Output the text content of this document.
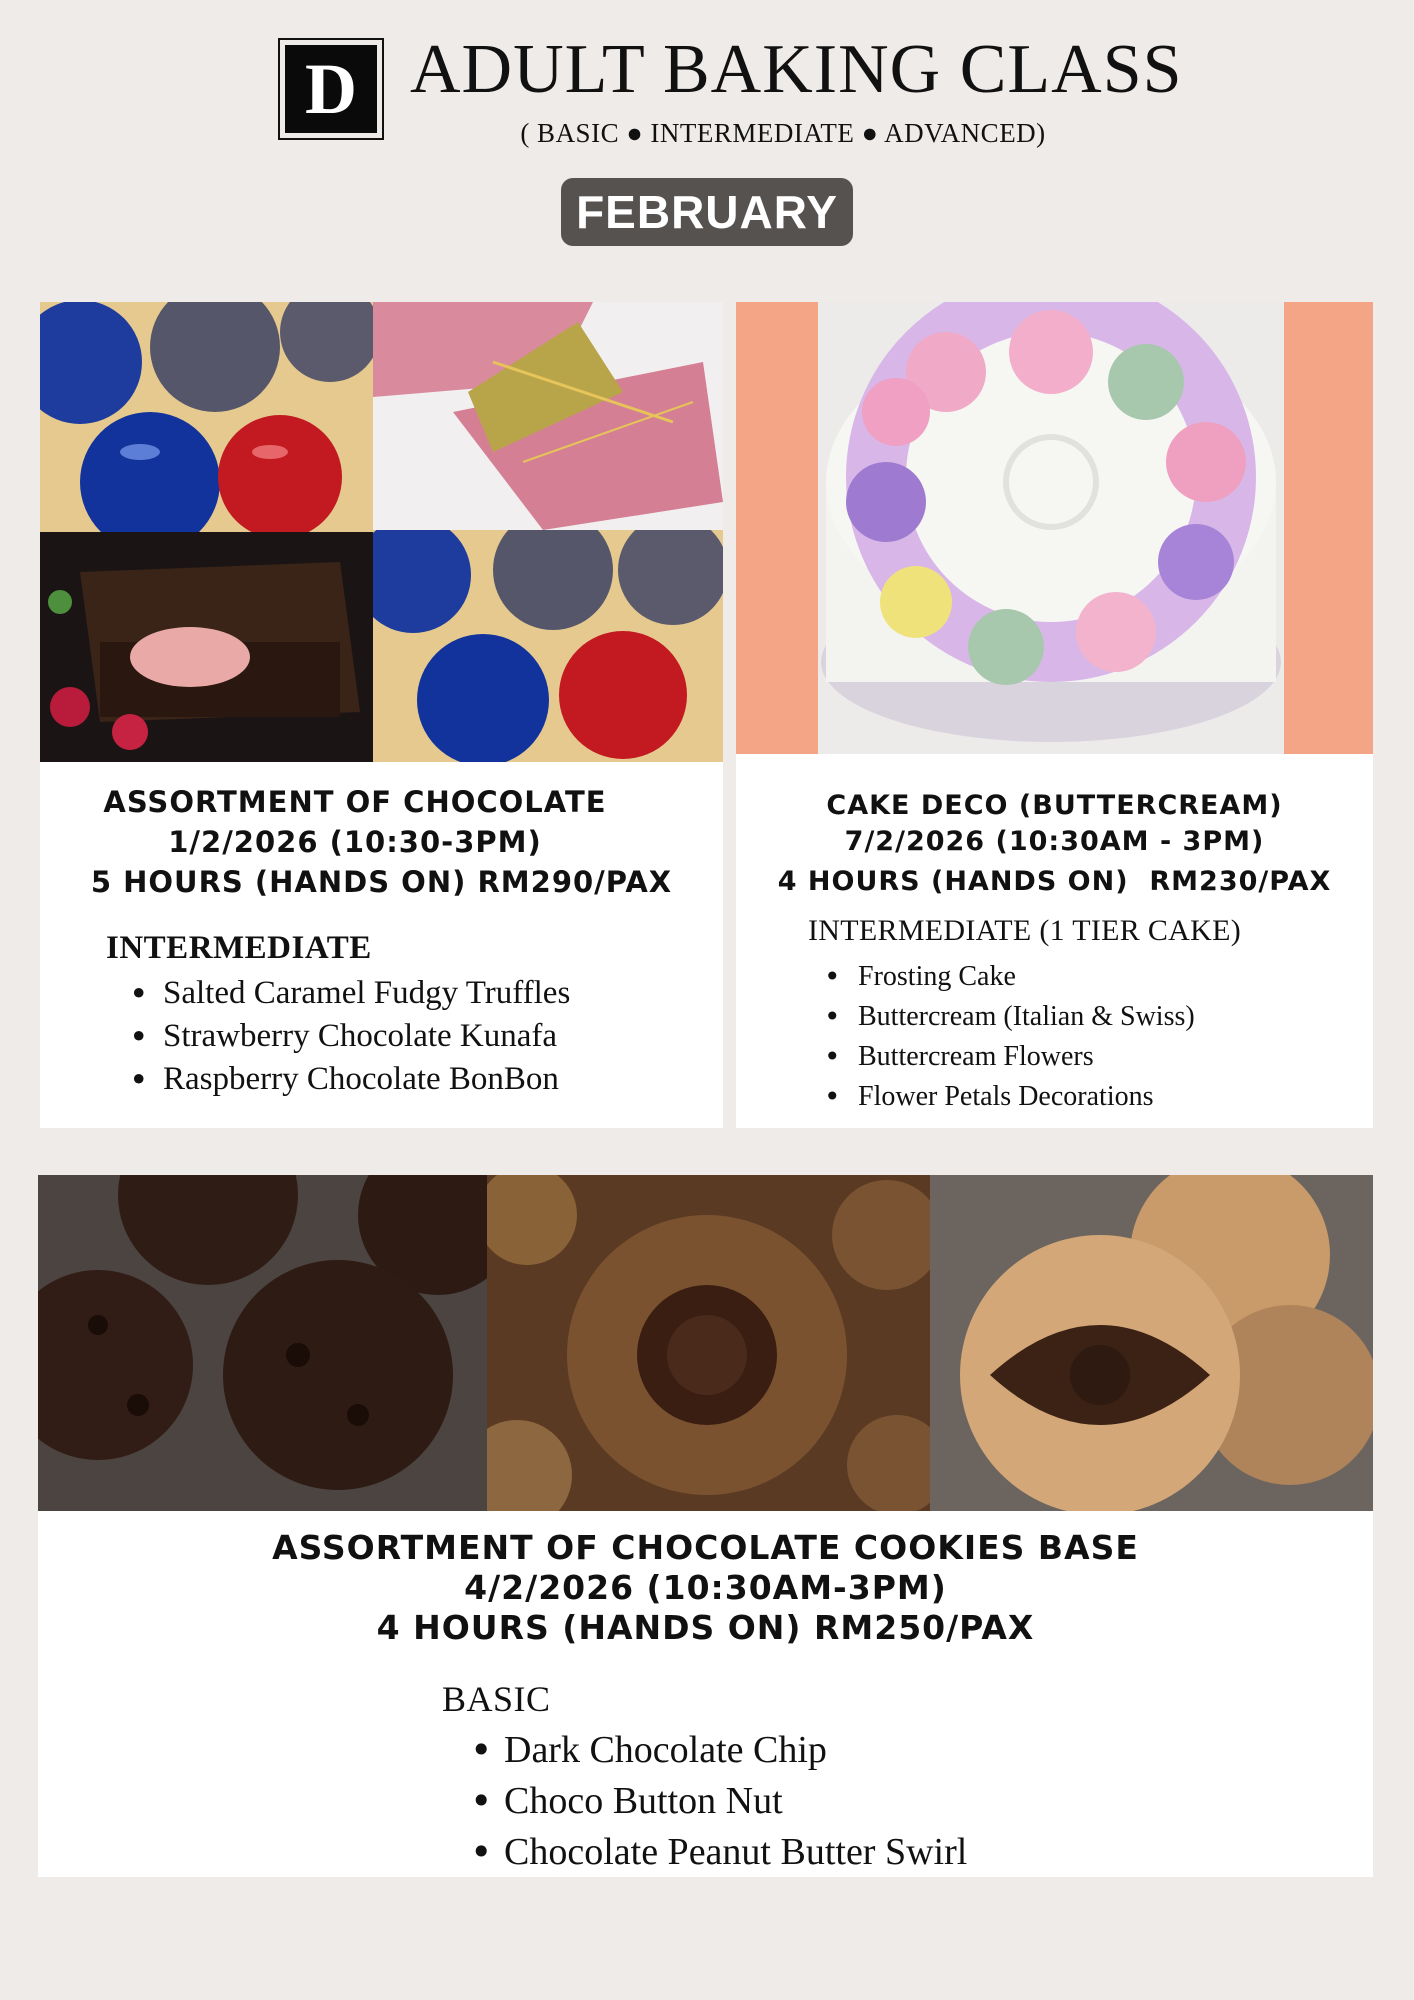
D ADULT BAKING CLASS
( BASIC ● INTERMEDIATE ● ADVANCED)
FEBRUARY
ASSORTMENT OF CHOCOLATE
1/2/2026 (10:30-3PM)
5 HOURS (HANDS ON) RM290/PAX
INTERMEDIATE
• Salted Caramel Fudgy Truffles
• Strawberry Chocolate Kunafa
• Raspberry Chocolate BonBon
CAKE DECO (BUTTERCREAM)
7/2/2026 (10:30AM - 3PM)
4 HOURS (HANDS ON)  RM230/PAX
INTERMEDIATE (1 TIER CAKE)
• Frosting Cake
• Buttercream (Italian & Swiss)
• Buttercream Flowers
• Flower Petals Decorations
ASSORTMENT OF CHOCOLATE COOKIES BASE
4/2/2026 (10:30AM-3PM)
4 HOURS (HANDS ON) RM250/PAX
BASIC
• Dark Chocolate Chip
• Choco Button Nut
• Chocolate Peanut Butter Swirl
